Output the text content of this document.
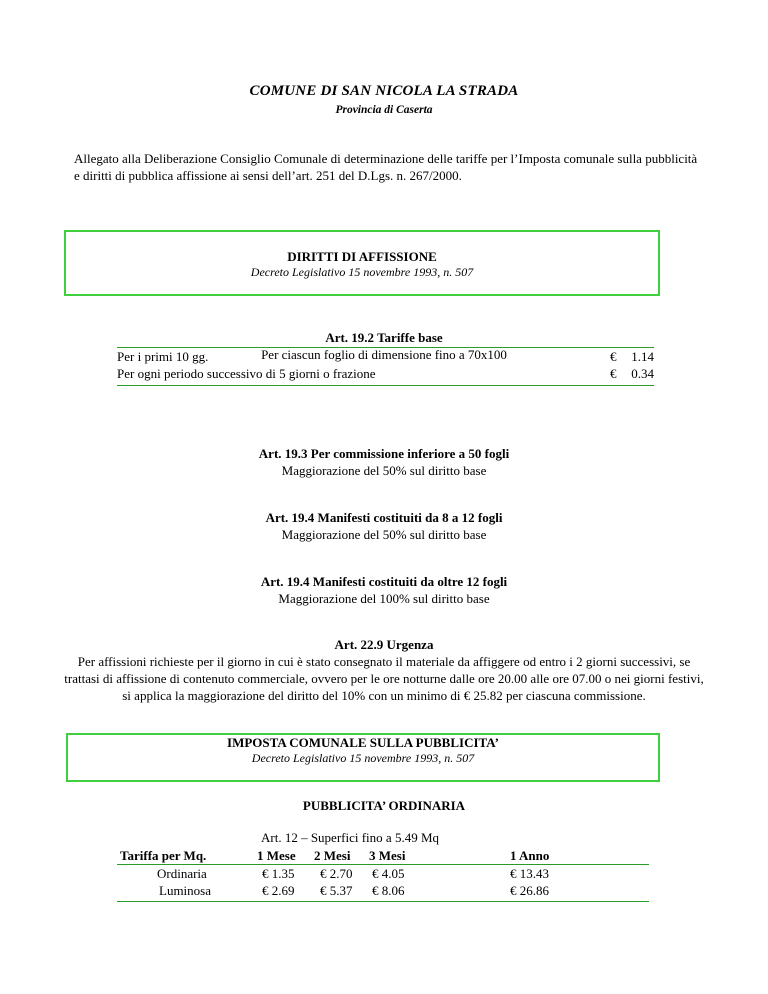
COMUNE DI SAN NICOLA LA STRADA
Provincia di Caserta
Allegato alla Deliberazione Consiglio Comunale di determinazione delle tariffe per l’Imposta comunale sulla pubblicità e diritti di pubblica affissione ai sensi dell’art. 251 del D.Lgs. n. 267/2000.
DIRITTI DI AFFISSIONE
Decreto Legislativo 15 novembre 1993, n. 507
Art. 19.2 Tariffe base
Per ciascun foglio di dimensione fino a 70x100
Per i primi 10 gg.	€ 1.14
Per ogni periodo successivo di 5 giorni o frazione	€ 0.34
Art. 19.3 Per commissione inferiore a 50 fogli
Maggiorazione del 50% sul diritto base
Art. 19.4 Manifesti costituiti da 8 a 12 fogli
Maggiorazione del 50% sul diritto base
Art. 19.4 Manifesti costituiti da oltre 12 fogli
Maggiorazione del 100% sul diritto base
Art. 22.9 Urgenza
Per affissioni richieste per il giorno in cui è stato consegnato il materiale da affiggere od entro i 2 giorni successivi, se trattasi di affissione di contenuto commerciale, ovvero per le ore notturne dalle ore 20.00 alle ore 07.00 o nei giorni festivi, si applica la maggiorazione del diritto del 10% con un minimo di € 25.82 per ciascuna commissione.
IMPOSTA COMUNALE SULLA PUBBLICITA’
Decreto Legislativo 15 novembre 1993, n. 507
PUBBLICITA’ ORDINARIA
Art. 12 – Superfici fino a 5.49 Mq
Tariffa per Mq.	1 Mese 2 Mesi 3 Mesi	1 Anno
Ordinaria	€ 1.35 € 2.70 € 4.05	€ 13.43
Luminosa	€ 2.69 € 5.37 € 8.06	€ 26.86
